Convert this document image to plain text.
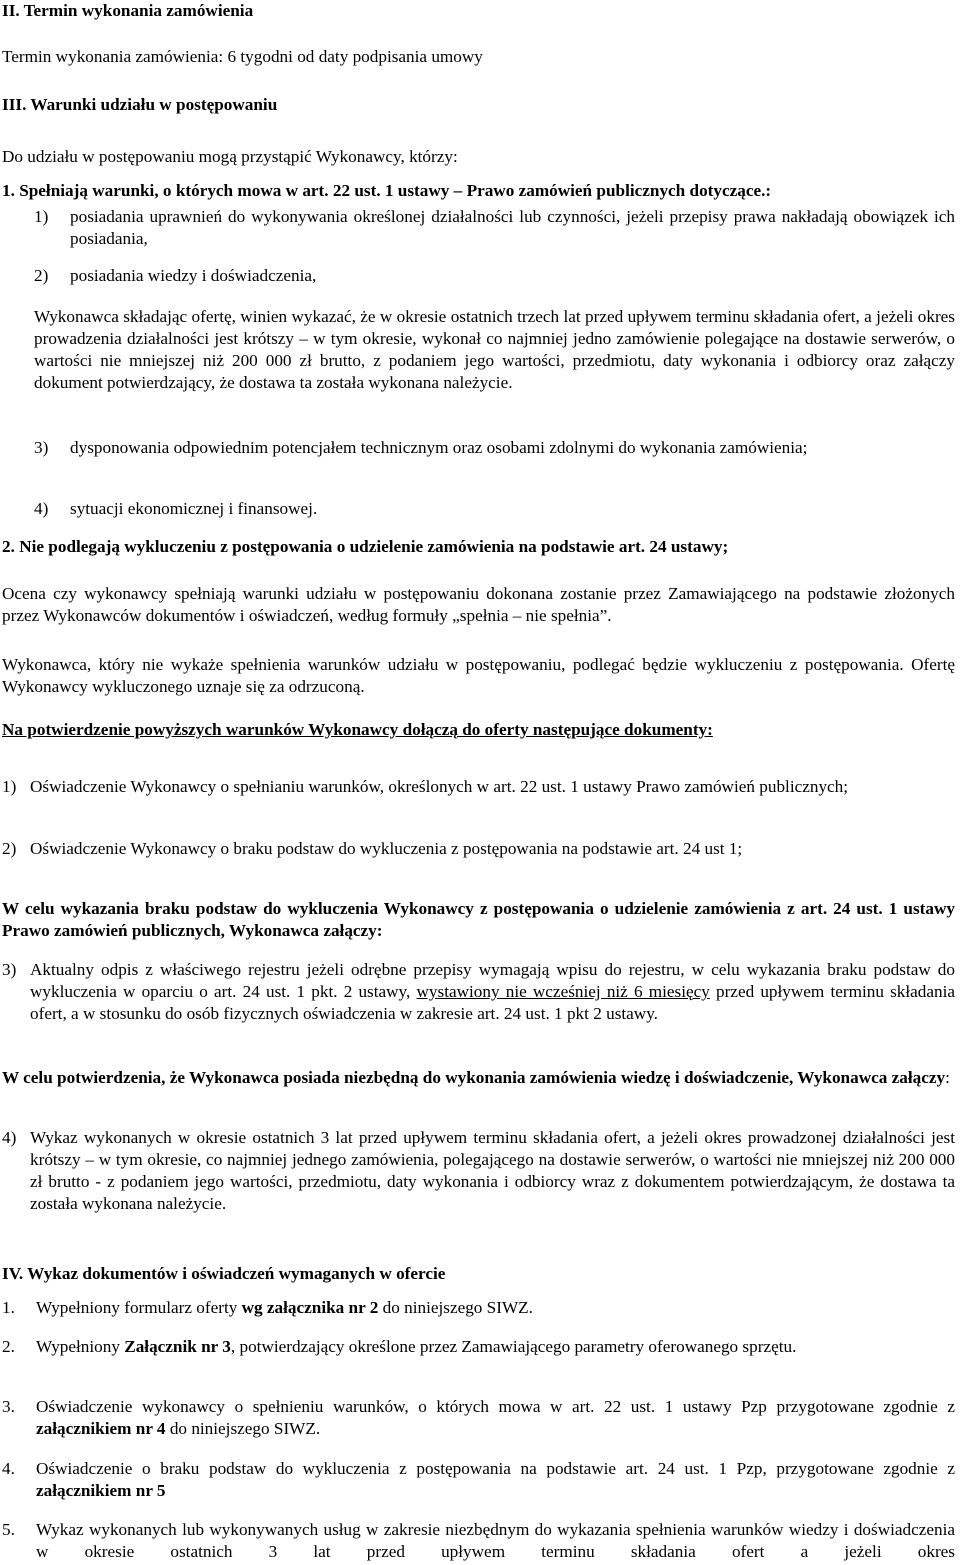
II. Termin wykonania zamówienia

Termin wykonania zamówienia: 6 tygodni od daty podpisania umowy

III. Warunki udziału w postępowaniu

Do udziału w postępowaniu mogą przystąpić Wykonawcy, którzy:

1. Spełniają warunki, o których mowa w art. 22 ust. 1 ustawy – Prawo zamówień publicznych dotyczące.:

1)	posiadania uprawnień do wykonywania określonej działalności lub czynności, jeżeli przepisy prawa nakładają obowiązek ich posiadania,
2)	posiadania wiedzy i doświadczenia,

Wykonawca składając ofertę, winien wykazać, że w okresie ostatnich trzech lat przed upływem terminu składania ofert, a jeżeli okres prowadzenia działalności jest krótszy – w tym okresie, wykonał co najmniej jedno zamówienie polegające na dostawie serwerów, o wartości nie mniejszej niż 200 000 zł brutto, z podaniem jego wartości, przedmiotu, daty wykonania i odbiorcy oraz załączy dokument potwierdzający, że dostawa ta została wykonana należycie.

3)	dysponowania odpowiednim potencjałem technicznym oraz osobami zdolnymi do wykonania zamówienia;
4)	sytuacji ekonomicznej i finansowej.

2. Nie podlegają wykluczeniu z postępowania o udzielenie zamówienia na podstawie art. 24 ustawy;

Ocena czy wykonawcy spełniają warunki udziału w postępowaniu dokonana zostanie przez Zamawiającego na podstawie złożonych przez Wykonawców dokumentów i oświadczeń, według formuły „spełnia – nie spełnia”.

Wykonawca, który nie wykaże spełnienia warunków udziału w postępowaniu, podlegać będzie wykluczeniu z postępowania. Ofertę Wykonawcy wykluczonego uznaje się za odrzuconą.

Na potwierdzenie powyższych warunków Wykonawcy dołączą do oferty następujące dokumenty:

1) Oświadczenie Wykonawcy o spełnianiu warunków, określonych w art. 22 ust. 1 ustawy Prawo zamówień publicznych;
2) Oświadczenie Wykonawcy o braku podstaw do wykluczenia z postępowania na podstawie art. 24 ust 1;

W celu wykazania braku podstaw do wykluczenia Wykonawcy z postępowania o udzielenie zamówienia z art. 24 ust. 1 ustawy Prawo zamówień publicznych, Wykonawca załączy:

3) Aktualny odpis z właściwego rejestru jeżeli odrębne przepisy wymagają wpisu do rejestru, w celu wykazania braku podstaw do wykluczenia w oparciu o art. 24 ust. 1 pkt. 2 ustawy, wystawiony nie wcześniej niż 6 miesięcy przed upływem terminu składania ofert, a w stosunku do osób fizycznych oświadczenia w zakresie art. 24 ust. 1 pkt 2 ustawy.

W celu potwierdzenia, że Wykonawca posiada niezbędną do wykonania zamówienia wiedzę i doświadczenie, Wykonawca załączy:

4) Wykaz wykonanych w okresie ostatnich 3 lat przed upływem terminu składania ofert, a jeżeli okres prowadzonej działalności jest krótszy – w tym okresie, co najmniej jednego zamówienia, polegającego na dostawie serwerów, o wartości nie mniejszej niż 200 000 zł brutto - z podaniem jego wartości, przedmiotu, daty wykonania i odbiorcy wraz z dokumentem potwierdzającym, że dostawa ta została wykonana należycie.

IV. Wykaz dokumentów i oświadczeń wymaganych w ofercie

1.	Wypełniony formularz oferty wg załącznika nr 2 do niniejszego SIWZ.
2.	Wypełniony Załącznik nr 3, potwierdzający określone przez Zamawiającego parametry oferowanego sprzętu.
3.	Oświadczenie wykonawcy o spełnieniu warunków, o których mowa w art. 22 ust. 1 ustawy Pzp przygotowane zgodnie z załącznikiem nr 4 do niniejszego SIWZ.
4.	Oświadczenie o braku podstaw do wykluczenia z postępowania na podstawie art. 24 ust. 1 Pzp, przygotowane zgodnie z załącznikiem nr 5
5.	Wykaz wykonanych lub wykonywanych usług w zakresie niezbędnym do wykazania spełnienia warunków wiedzy i doświadczenia w okresie ostatnich 3 lat przed upływem terminu składania ofert a jeżeli okres
